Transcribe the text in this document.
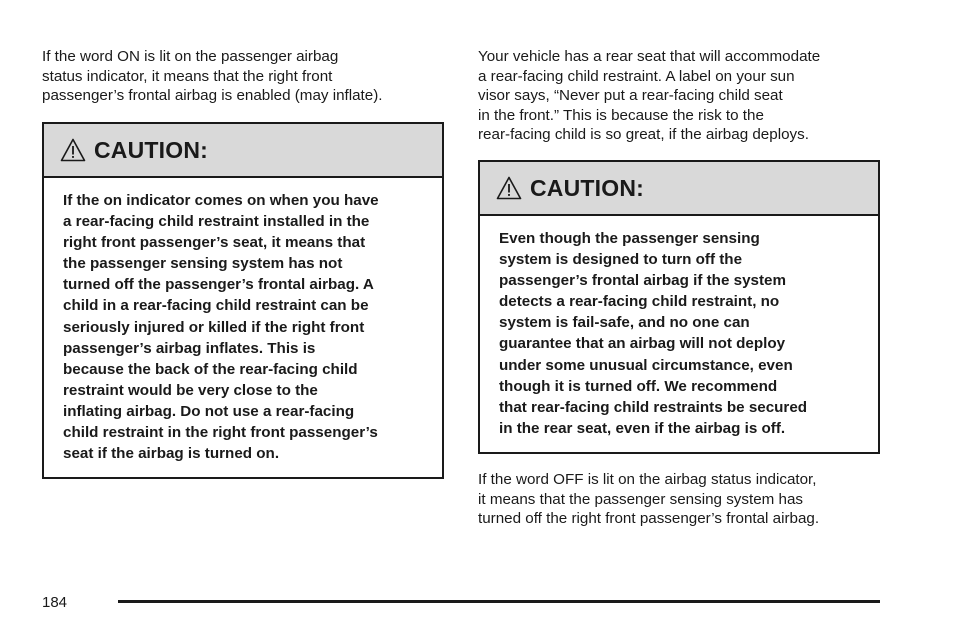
If the word ON is lit on the passenger airbag
status indicator, it means that the right front
passenger’s frontal airbag is enabled (may inflate).

CAUTION:

If the on indicator comes on when you have
a rear-facing child restraint installed in the
right front passenger’s seat, it means that
the passenger sensing system has not
turned off the passenger’s frontal airbag. A
child in a rear-facing child restraint can be
seriously injured or killed if the right front
passenger’s airbag inflates. This is
because the back of the rear-facing child
restraint would be very close to the
inflating airbag. Do not use a rear-facing
child restraint in the right front passenger’s
seat if the airbag is turned on.

Your vehicle has a rear seat that will accommodate
a rear-facing child restraint. A label on your sun
visor says, “Never put a rear-facing child seat
in the front.” This is because the risk to the
rear-facing child is so great, if the airbag deploys.

CAUTION:

Even though the passenger sensing
system is designed to turn off the
passenger’s frontal airbag if the system
detects a rear-facing child restraint, no
system is fail-safe, and no one can
guarantee that an airbag will not deploy
under some unusual circumstance, even
though it is turned off. We recommend
that rear-facing child restraints be secured
in the rear seat, even if the airbag is off.

If the word OFF is lit on the airbag status indicator,
it means that the passenger sensing system has
turned off the right front passenger’s frontal airbag.

184
